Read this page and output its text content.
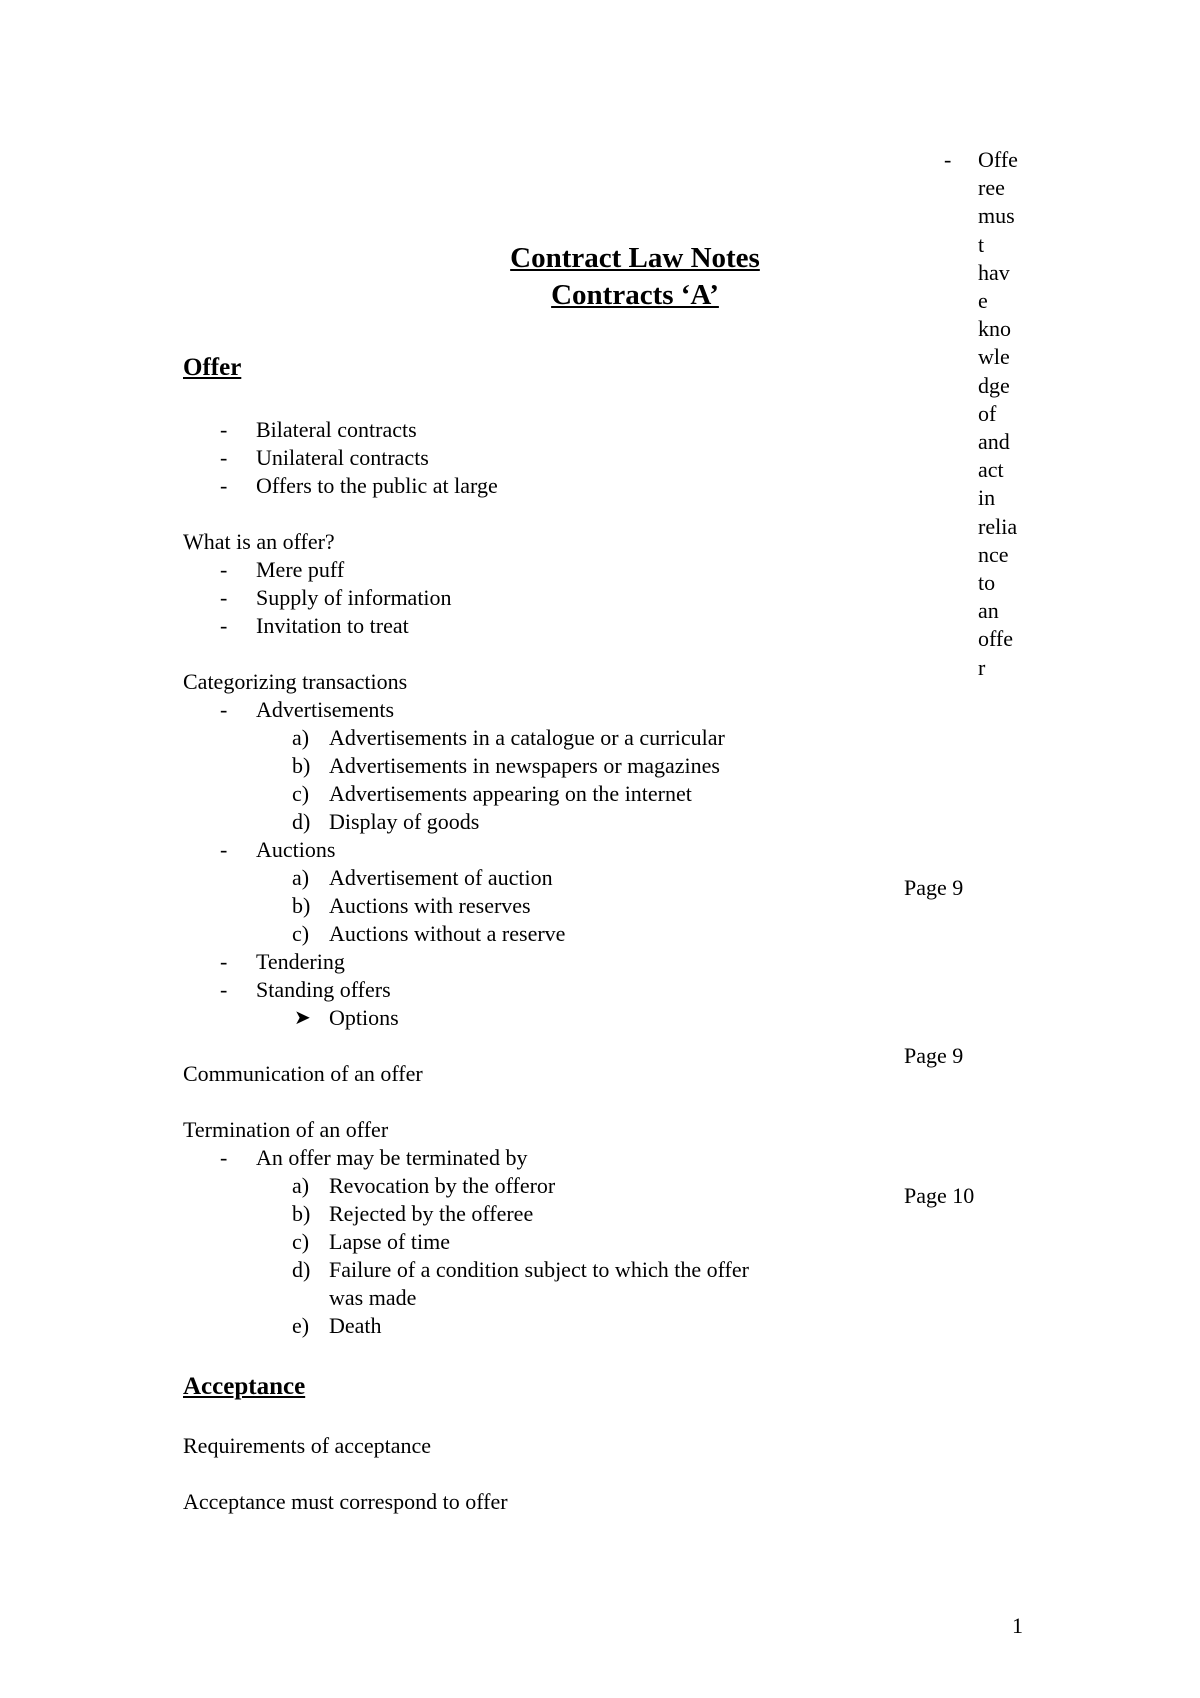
- Offe
ree
mus
t
hav
e
kno
wle
dge
of
and
act
in
relia
nce
to
an
offe
r
Contract Law Notes
Contracts ‘A’
Offer
- Bilateral contracts
- Unilateral contracts
- Offers to the public at large
What is an offer?
- Mere puff
- Supply of information
- Invitation to treat
Categorizing transactions
- Advertisements
a) Advertisements in a catalogue or a curricular
b) Advertisements in newspapers or magazines
c) Advertisements appearing on the internet
d) Display of goods
- Auctions
a) Advertisement of auction
b) Auctions with reserves
c) Auctions without a reserve
- Tendering
- Standing offers
➤ Options
Communication of an offer
Termination of an offer
- An offer may be terminated by
a) Revocation by the offeror
b) Rejected by the offeree
c) Lapse of time
d) Failure of a condition subject to which the offer
was made
e) Death
Acceptance
Requirements of acceptance
Acceptance must correspond to offer
Page 9
Page 9
Page 10
1
